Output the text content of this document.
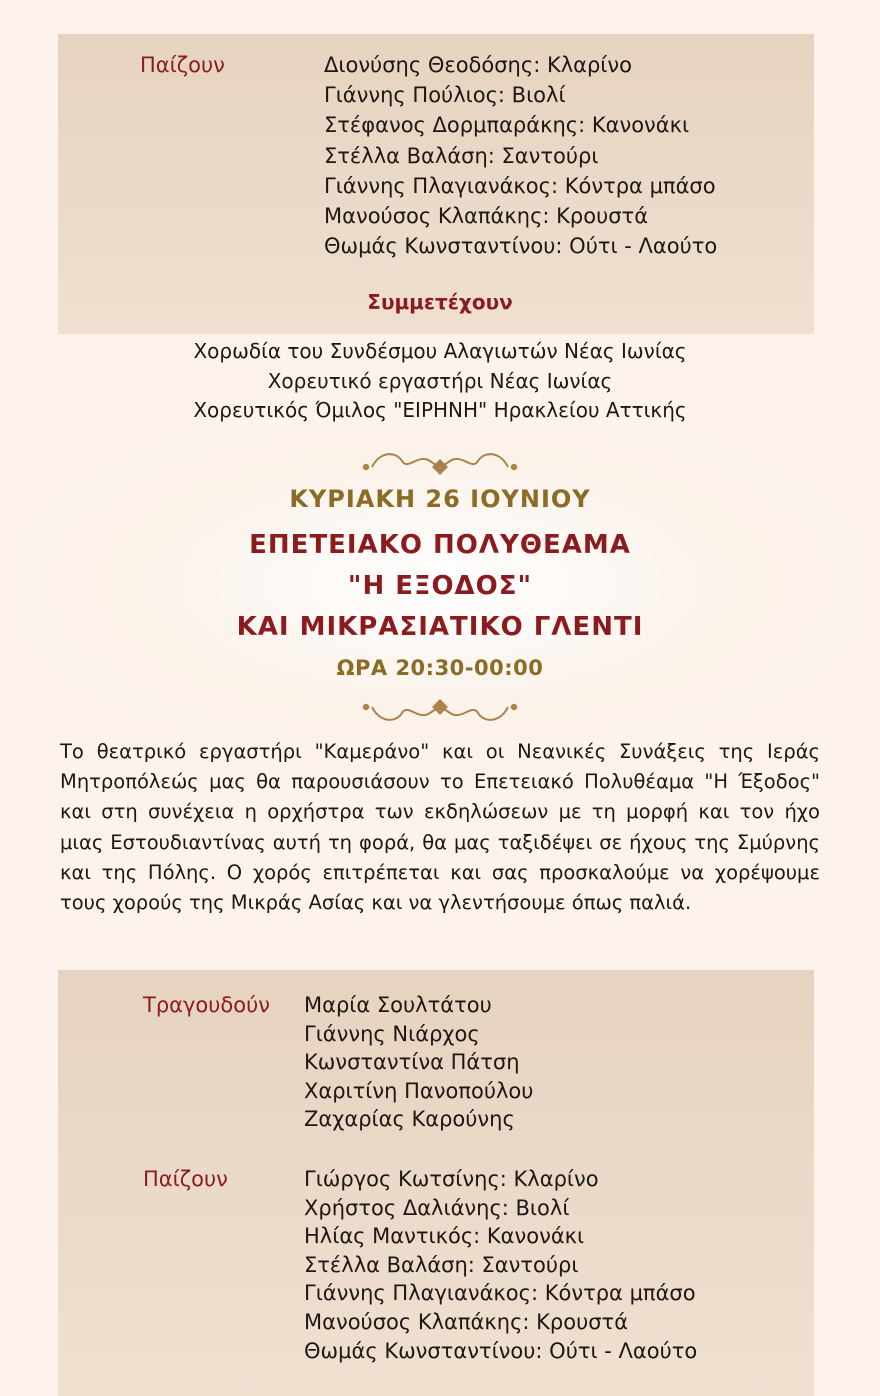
Παίζουν	Διονύσης Θεοδόσης: Κλαρίνο
Γιάννης Πούλιος: Βιολί
Στέφανος Δορμπαράκης: Κανονάκι
Στέλλα Βαλάση: Σαντούρι
Γιάννης Πλαγιανάκος: Κόντρα μπάσο
Μανούσος Κλαπάκης: Κρουστά
Θωμάς Κωνσταντίνου: Ούτι - Λαούτο
Συμμετέχουν
Χορωδία του Συνδέσμου Αλαγιωτών Νέας Ιωνίας
Χορευτικό εργαστήρι Νέας Ιωνίας
Χορευτικός Όμιλος "ΕΙΡΗΝΗ" Ηρακλείου Αττικής
ΚΥΡΙΑΚΗ 26 ΙΟΥΝΙΟΥ
ΕΠΕΤΕΙΑΚΟ ΠΟΛΥΘΕΑΜΑ
"Η ΕΞΟΔΟΣ"
ΚΑΙ ΜΙΚΡΑΣΙΑΤΙΚΟ ΓΛΕΝΤΙ
ΩΡΑ 20:30-00:00

Το θεατρικό εργαστήρι "Καμεράνο" και οι Νεανικές Συνάξεις της Ιεράς Μητροπόλεώς μας θα παρουσιάσουν το Επετειακό Πολυθέαμα "Η Έξοδος" και στη συνέχεια η ορχήστρα των εκδηλώσεων με τη μορφή και τον ήχο μιας Εστουδιαντίνας αυτή τη φορά, θα μας ταξιδέψει σε ήχους της Σμύρνης και της Πόλης. Ο χορός επιτρέπεται και σας προσκαλούμε να χορέψουμε τους χορούς της Μικράς Ασίας και να γλεντήσουμε όπως παλιά.

Τραγουδούν Μαρία Σουλτάτου
Γιάννης Νιάρχος
Κωνσταντίνα Πάτση
Χαριτίνη Πανοπούλου
Ζαχαρίας Καρούνης
Παίζουν	Γιώργος Κωτσίνης: Κλαρίνο
Χρήστος Δαλιάνης: Βιολί
Ηλίας Μαντικός: Κανονάκι
Στέλλα Βαλάση: Σαντούρι
Γιάννης Πλαγιανάκος: Κόντρα μπάσο
Μανούσος Κλαπάκης: Κρουστά
Θωμάς Κωνσταντίνου: Ούτι - Λαούτο
